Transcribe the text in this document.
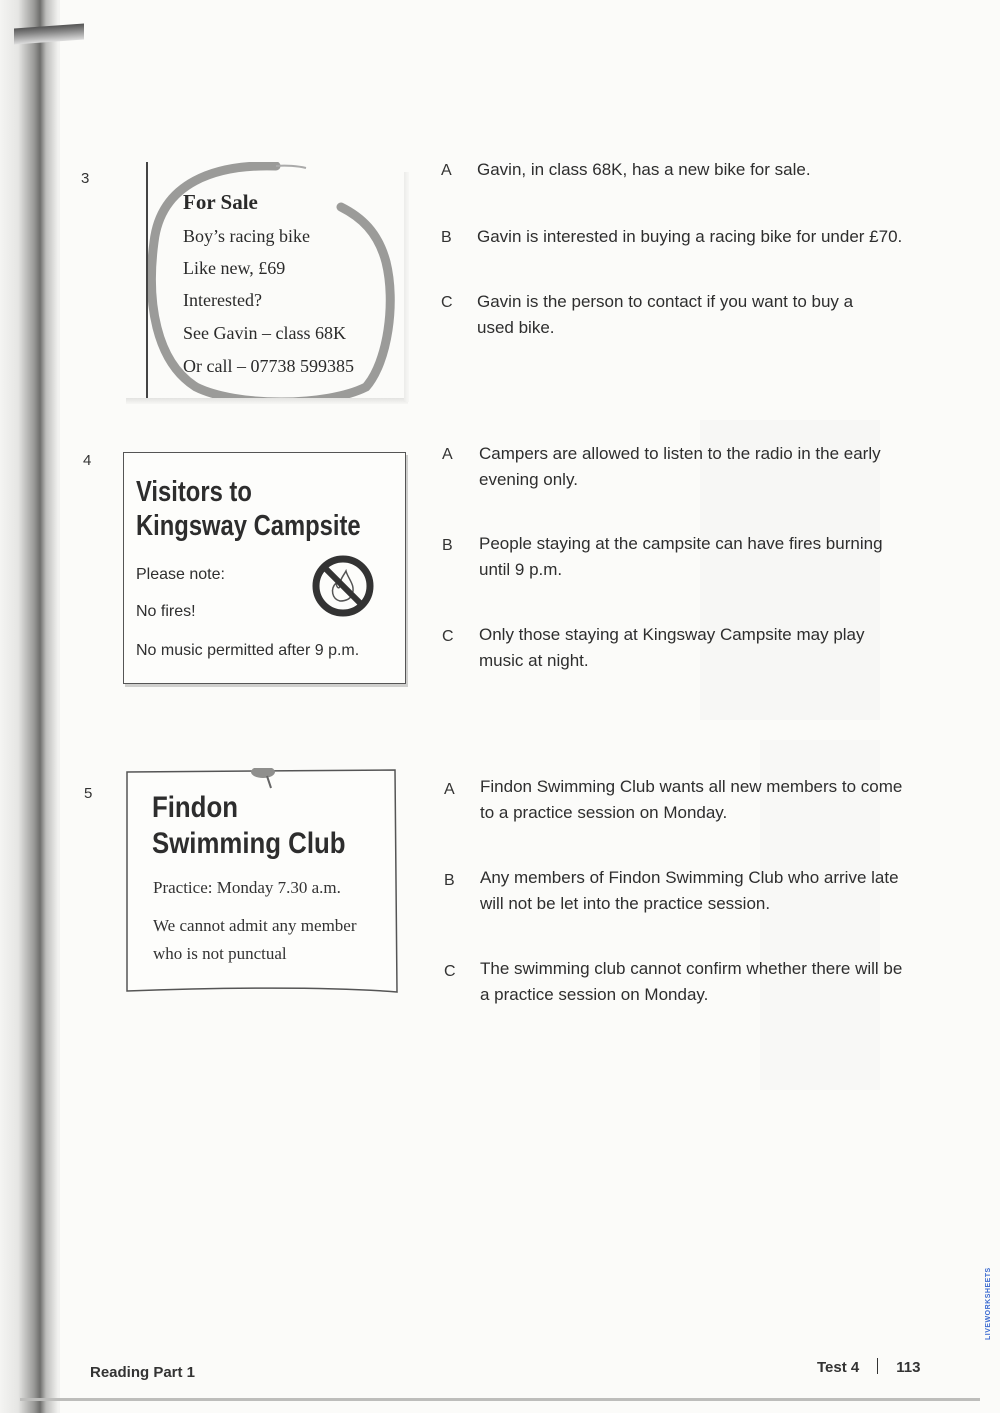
3
For Sale
Boy’s racing bike
Like new, £69
Interested?
See Gavin – class 68K
Or call – 07738 599385
A Gavin, in class 68K, has a new bike for sale.
B Gavin is interested in buying a racing bike for under £70.
C Gavin is the person to contact if you want to buy a
used bike.
4
Visitors to
Kingsway Campsite
Please note:
No fires!
No music permitted after 9 p.m.
A Campers are allowed to listen to the radio in the early
evening only.
B People staying at the campsite can have fires burning
until 9 p.m.
C Only those staying at Kingsway Campsite may play
music at night.
5 Findon
Swimming Club
Practice: Monday 7.30 a.m.
We cannot admit any member
who is not punctual
A Findon Swimming Club wants all new members to come
to a practice session on Monday.
B Any members of Findon Swimming Club who arrive late
will not be let into the practice session.
C The swimming club cannot confirm whether there will be
a practice session on Monday.
Reading Part 1	Test 4 113
LIVEWORKSHEETS
